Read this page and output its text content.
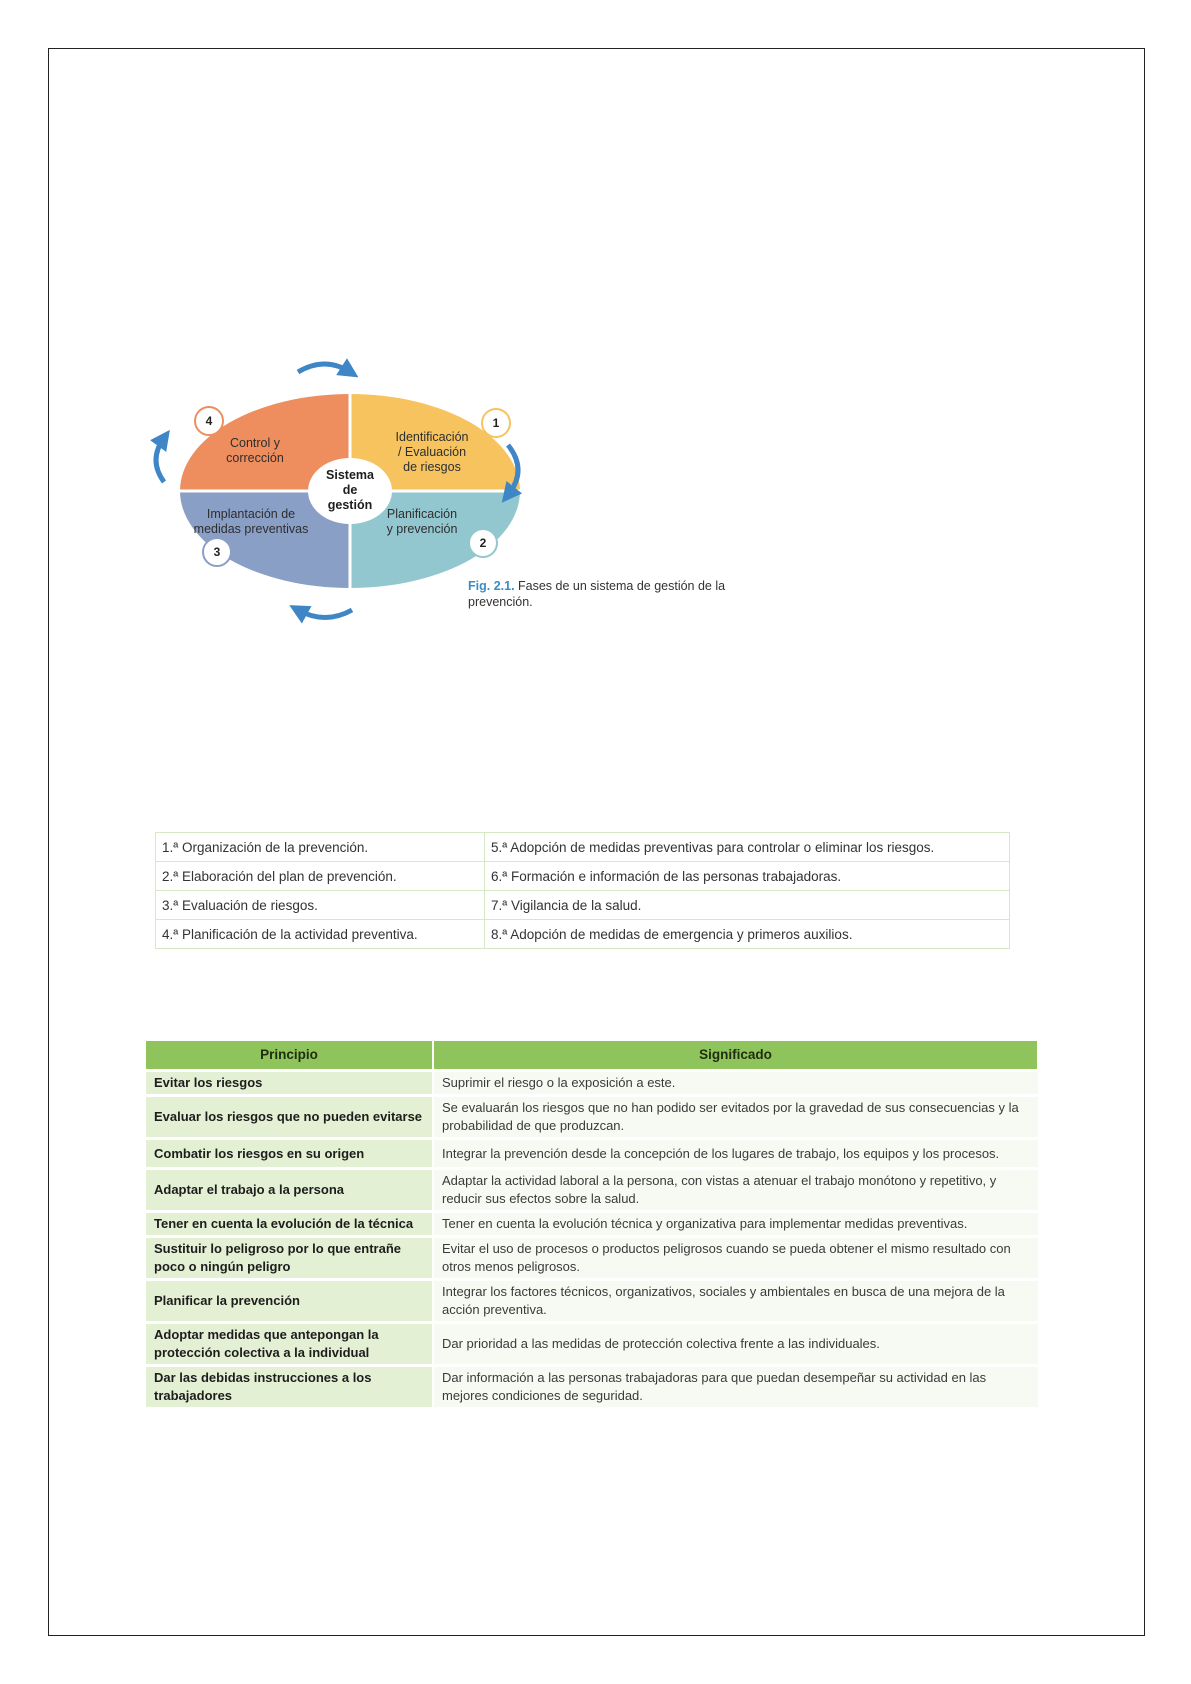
Identificación
/ Evaluación
de riesgos
Planificación
y prevención
Implantación de
medidas preventivas
Control y
corrección
Sistema
de
gestión
1
2
3
4
Fig. 2.1. Fases de un sistema de gestión de la prevención.
1.ª Organización de la prevención.	5.ª Adopción de medidas preventivas para controlar o eliminar los riesgos.
2.ª Elaboración del plan de prevención.	6.ª Formación e información de las personas trabajadoras.
3.ª Evaluación de riesgos.	7.ª Vigilancia de la salud.
4.ª Planificación de la actividad preventiva.	8.ª Adopción de medidas de emergencia y primeros auxilios.
Principio	Significado
Evitar los riesgos	Suprimir el riesgo o la exposición a este.
Evaluar los riesgos que no pueden evitarse	Se evaluarán los riesgos que no han podido ser evitados por la gravedad de sus consecuencias y la probabilidad de que produzcan.
Combatir los riesgos en su origen	Integrar la prevención desde la concepción de los lugares de trabajo, los equipos y los procesos.
Adaptar el trabajo a la persona	Adaptar la actividad laboral a la persona, con vistas a atenuar el trabajo monótono y repetitivo, y reducir sus efectos sobre la salud.
Tener en cuenta la evolución de la técnica	Tener en cuenta la evolución técnica y organizativa para implementar medidas preventivas.
Sustituir lo peligroso por lo que entrañe poco o ningún peligro	Evitar el uso de procesos o productos peligrosos cuando se pueda obtener el mismo resultado con otros menos peligrosos.
Planificar la prevención	Integrar los factores técnicos, organizativos, sociales y ambientales en busca de una mejora de la acción preventiva.
Adoptar medidas que antepongan la protección colectiva a la individual	Dar prioridad a las medidas de protección colectiva frente a las individuales.
Dar las debidas instrucciones a los trabajadores	Dar información a las personas trabajadoras para que puedan desempeñar su actividad en las mejores condiciones de seguridad.
